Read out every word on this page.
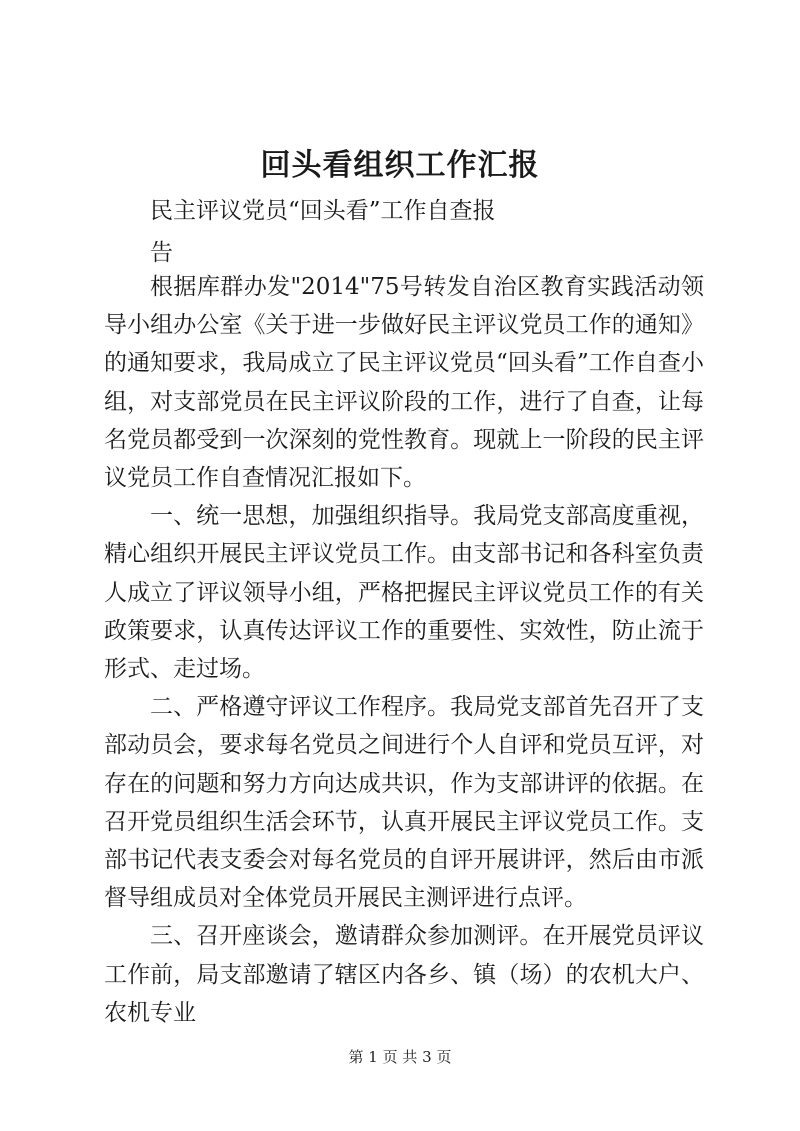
回头看组织工作汇报
民主评议党员“回头看”工作自查报
告

根据库群办发"2014"75号转发自治区教育实践活动领导小组办公室《关于进一步做好民主评议党员工作的通知》的通知要求，我局成立了民主评议党员“回头看”工作自查小组，对支部党员在民主评议阶段的工作，进行了自查，让每名党员都受到一次深刻的党性教育。现就上一阶段的民主评议党员工作自查情况汇报如下。

一、统一思想，加强组织指导。我局党支部高度重视，精心组织开展民主评议党员工作。由支部书记和各科室负责人成立了评议领导小组，严格把握民主评议党员工作的有关政策要求，认真传达评议工作的重要性、实效性，防止流于形式、走过场。

二、严格遵守评议工作程序。我局党支部首先召开了支部动员会，要求每名党员之间进行个人自评和党员互评，对存在的问题和努力方向达成共识，作为支部讲评的依据。在召开党员组织生活会环节，认真开展民主评议党员工作。支部书记代表支委会对每名党员的自评开展讲评，然后由市派督导组成员对全体党员开展民主测评进行点评。

三、召开座谈会，邀请群众参加测评。在开展党员评议工作前，局支部邀请了辖区内各乡、镇（场）的农机大户、农机专业

第 1 页 共 3 页
